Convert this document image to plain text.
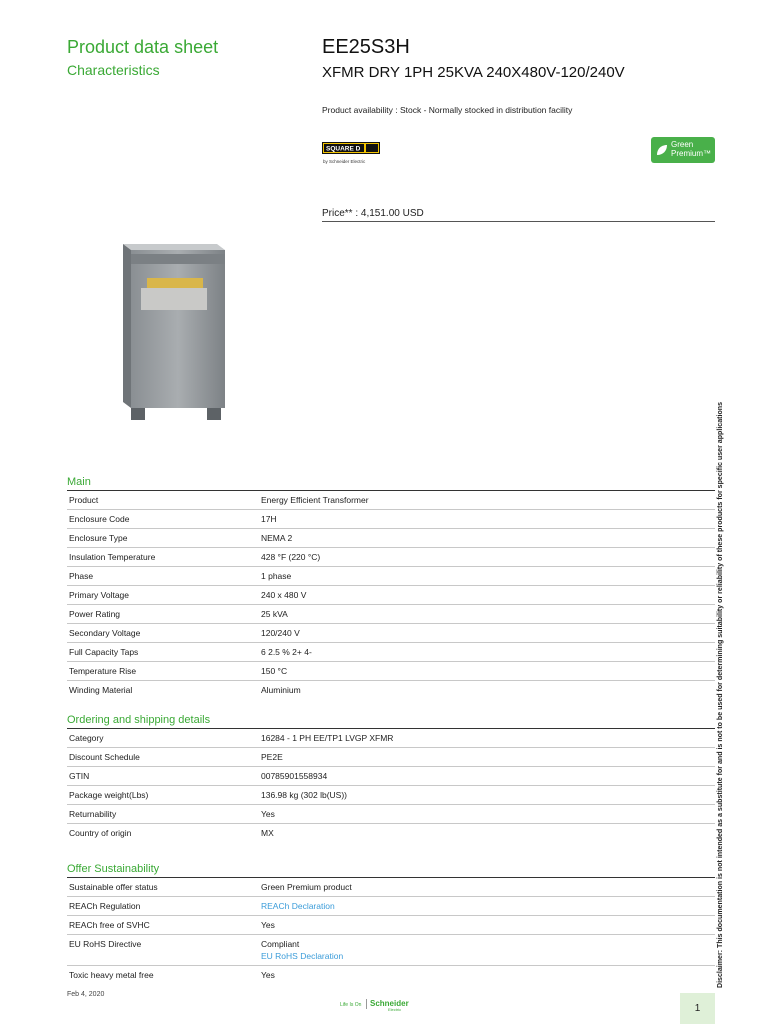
Product data sheet
Characteristics
EE25S3H
XFMR DRY 1PH 25KVA 240X480V-120/240V
Product availability : Stock - Normally stocked in distribution facility
SQUARE D
by Schneider Electric
Green
Premium™
Price** : 4,151.00 USD
Main
Product	Energy Efficient Transformer
Enclosure Code	17H
Enclosure Type	NEMA 2
Insulation Temperature	428 °F (220 °C)
Phase	1 phase
Primary Voltage	240 x 480 V
Power Rating	25 kVA
Secondary Voltage	120/240 V
Full Capacity Taps	6 2.5 % 2+ 4-
Temperature Rise	150 °C
Winding Material	Aluminium
Ordering and shipping details
Category	16284 - 1 PH EE/TP1 LVGP XFMR
Discount Schedule	PE2E
GTIN	00785901558934
Package weight(Lbs)	136.98 kg (302 lb(US))
Returnability	Yes
Country of origin	MX
Offer Sustainability
Sustainable offer status	Green Premium product
REACh Regulation	REACh Declaration
REACh free of SVHC	Yes
EU RoHS Directive	Compliant
EU RoHS Declaration
Toxic heavy metal free	Yes	Disclaimer: This documentation is not intended as a substitute for and is not to be used for determining suitability or reliability of these products for specific user applications
Feb 4, 2020
Life Is On Schneider
Electric	1
